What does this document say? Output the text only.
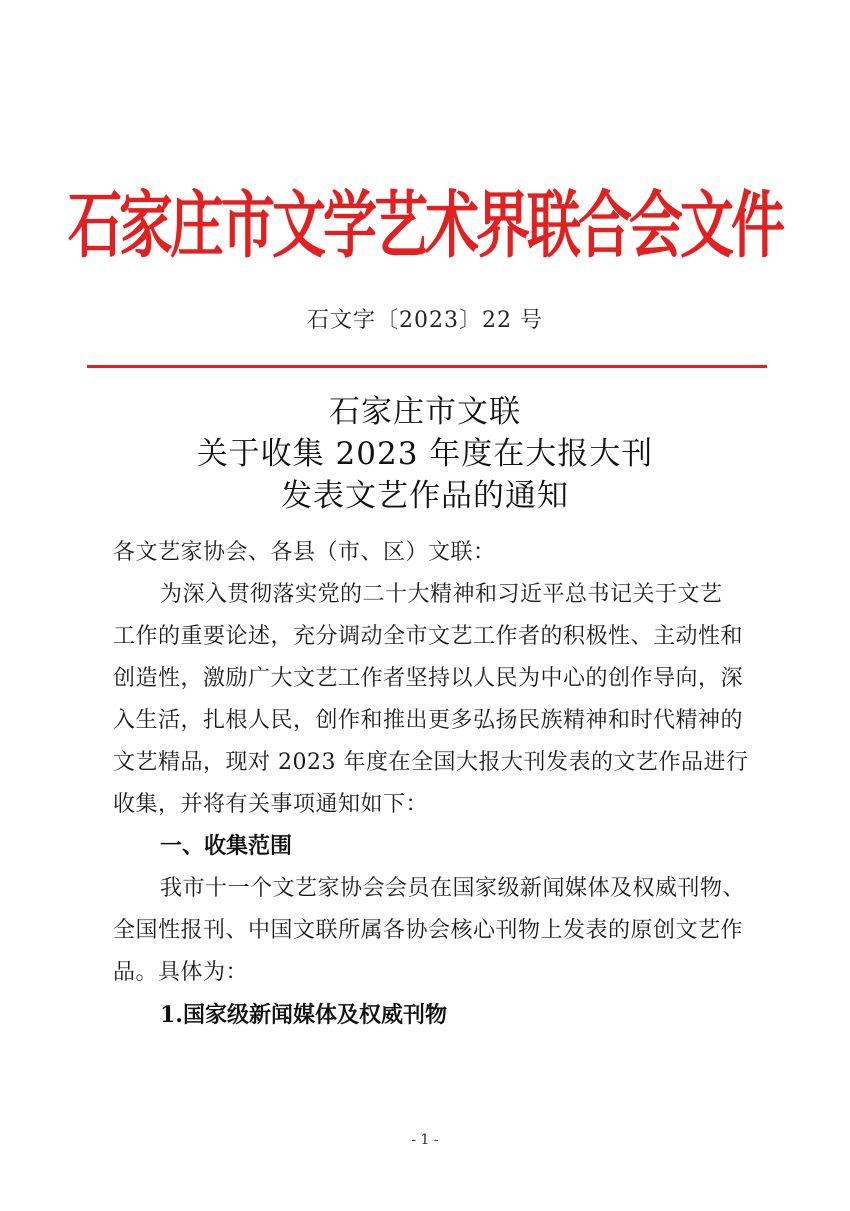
石家庄市文学艺术界联合会文件
石文字〔2023〕22 号
石家庄市文联
关于收集 2023 年度在大报大刊
发表文艺作品的通知
各文艺家协会、各县（市、区）文联：
为深入贯彻落实党的二十大精神和习近平总书记关于文艺
工作的重要论述，充分调动全市文艺工作者的积极性、主动性和
创造性，激励广大文艺工作者坚持以人民为中心的创作导向，深
入生活，扎根人民，创作和推出更多弘扬民族精神和时代精神的
文艺精品，现对 2023 年度在全国大报大刊发表的文艺作品进行
收集，并将有关事项通知如下：
一、收集范围
我市十一个文艺家协会会员在国家级新闻媒体及权威刊物、
全国性报刊、中国文联所属各协会核心刊物上发表的原创文艺作
品。具体为：
1.国家级新闻媒体及权威刊物
- 1 -
